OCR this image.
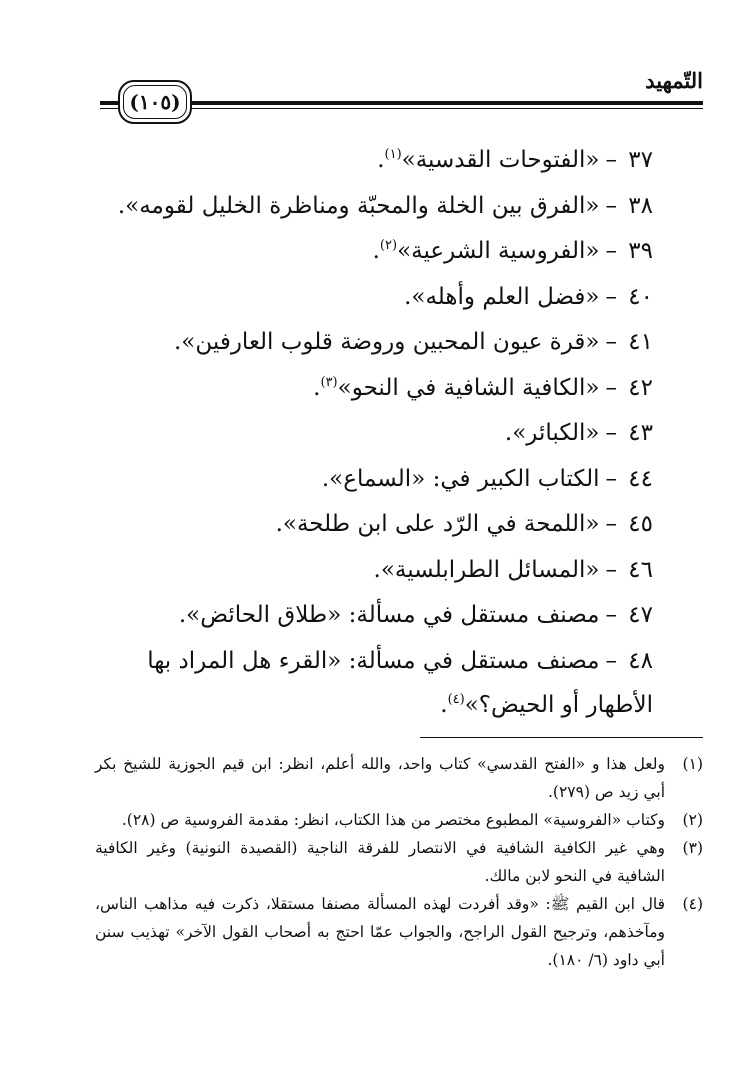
التّمهيد
(١٠٥)
٣٧–«الفتوحات القدسية»$^{(١)}$.
٣٨–«الفرق بين الخلة والمحبّة ومناظرة الخليل لقومه».
٣٩–«الفروسية الشرعية»$^{(٢)}$.
٤٠–«فضل العلم وأهله».
٤١–«قرة عيون المحبين وروضة قلوب العارفين».
٤٢–«الكافية الشافية في النحو»$^{(٣)}$.
٤٣–«الكبائر».
٤٤–الكتاب الكبير في: «السماع».
٤٥–«اللمحة في الرّد على ابن طلحة».
٤٦–«المسائل الطرابلسية».
٤٧–مصنف مستقل في مسألة: «طلاق الحائض».
٤٨–مصنف مستقل في مسألة: «القرء هل المراد بها الأطهار أو الحيض؟»$^{(٤)}$.
(١)
ولعل هذا و «الفتح القدسي» كتاب واحد، والله أعلم، انظر: ابن قيم الجوزية للشيخ بكر أبي زيد ص (٢٧٩).
(٢)
وكتاب «الفروسية» المطبوع مختصر من هذا الكتاب، انظر: مقدمة الفروسية ص (٢٨).
(٣)
وهي غير الكافية الشافية في الانتصار للفرقة الناجية (القصيدة النونية) وغير الكافية الشافية في النحو لابن مالك.
(٤)
قال ابن القيم ﷺ: «وقد أفردت لهذه المسألة مصنفا مستقلا، ذكرت فيه مذاهب الناس، ومآخذهم، وترجيح القول الراجح، والجواب عمّا احتج به أصحاب القول الآخر» تهذيب سنن أبي داود (٦/ ١٨٠).
